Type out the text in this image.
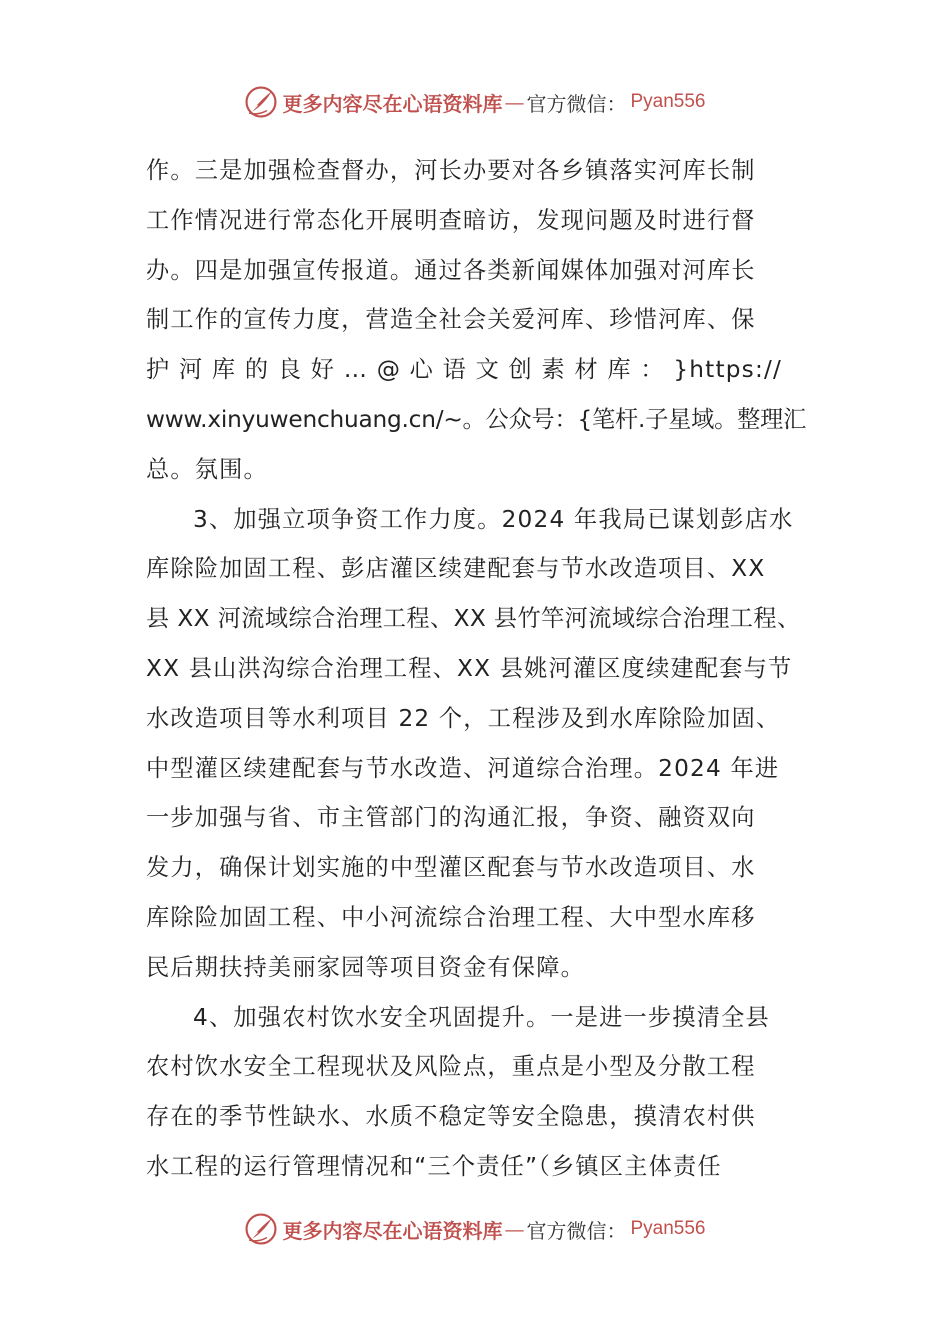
更多内容尽在心语资料库 — 官方微信： Pyan556
作。三是加强检查督办，河长办要对各乡镇落实河库长制
工作情况进行常态化开展明查暗访，发现问题及时进行督
办。四是加强宣传报道。通过各类新闻媒体加强对河库长
制工作的宣传力度，营造全社会关爱河库、珍惜河库、保
护 河 库 的 良 好 … @ 心 语 文 创 素 材 库 ： }https://
www.xinyuwenchuang.cn/~。公众号：{笔杆.子星域。整理汇
总。氛围。
3、加强立项争资工作力度。2024 年我局已谋划彭店水
库除险加固工程、彭店灌区续建配套与节水改造项目、XX
县 XX 河流域综合治理工程、XX 县竹竿河流域综合治理工程、
XX 县山洪沟综合治理工程、XX 县姚河灌区度续建配套与节
水改造项目等水利项目 22 个，工程涉及到水库除险加固、
中型灌区续建配套与节水改造、河道综合治理。2024 年进
一步加强与省、市主管部门的沟通汇报，争资、融资双向
发力，确保计划实施的中型灌区配套与节水改造项目、水
库除险加固工程、中小河流综合治理工程、大中型水库移
民后期扶持美丽家园等项目资金有保障。
4、加强农村饮水安全巩固提升。一是进一步摸清全县
农村饮水安全工程现状及风险点，重点是小型及分散工程
存在的季节性缺水、水质不稳定等安全隐患，摸清农村供
水工程的运行管理情况和“三个责任”（乡镇区主体责任
更多内容尽在心语资料库 — 官方微信： Pyan556
